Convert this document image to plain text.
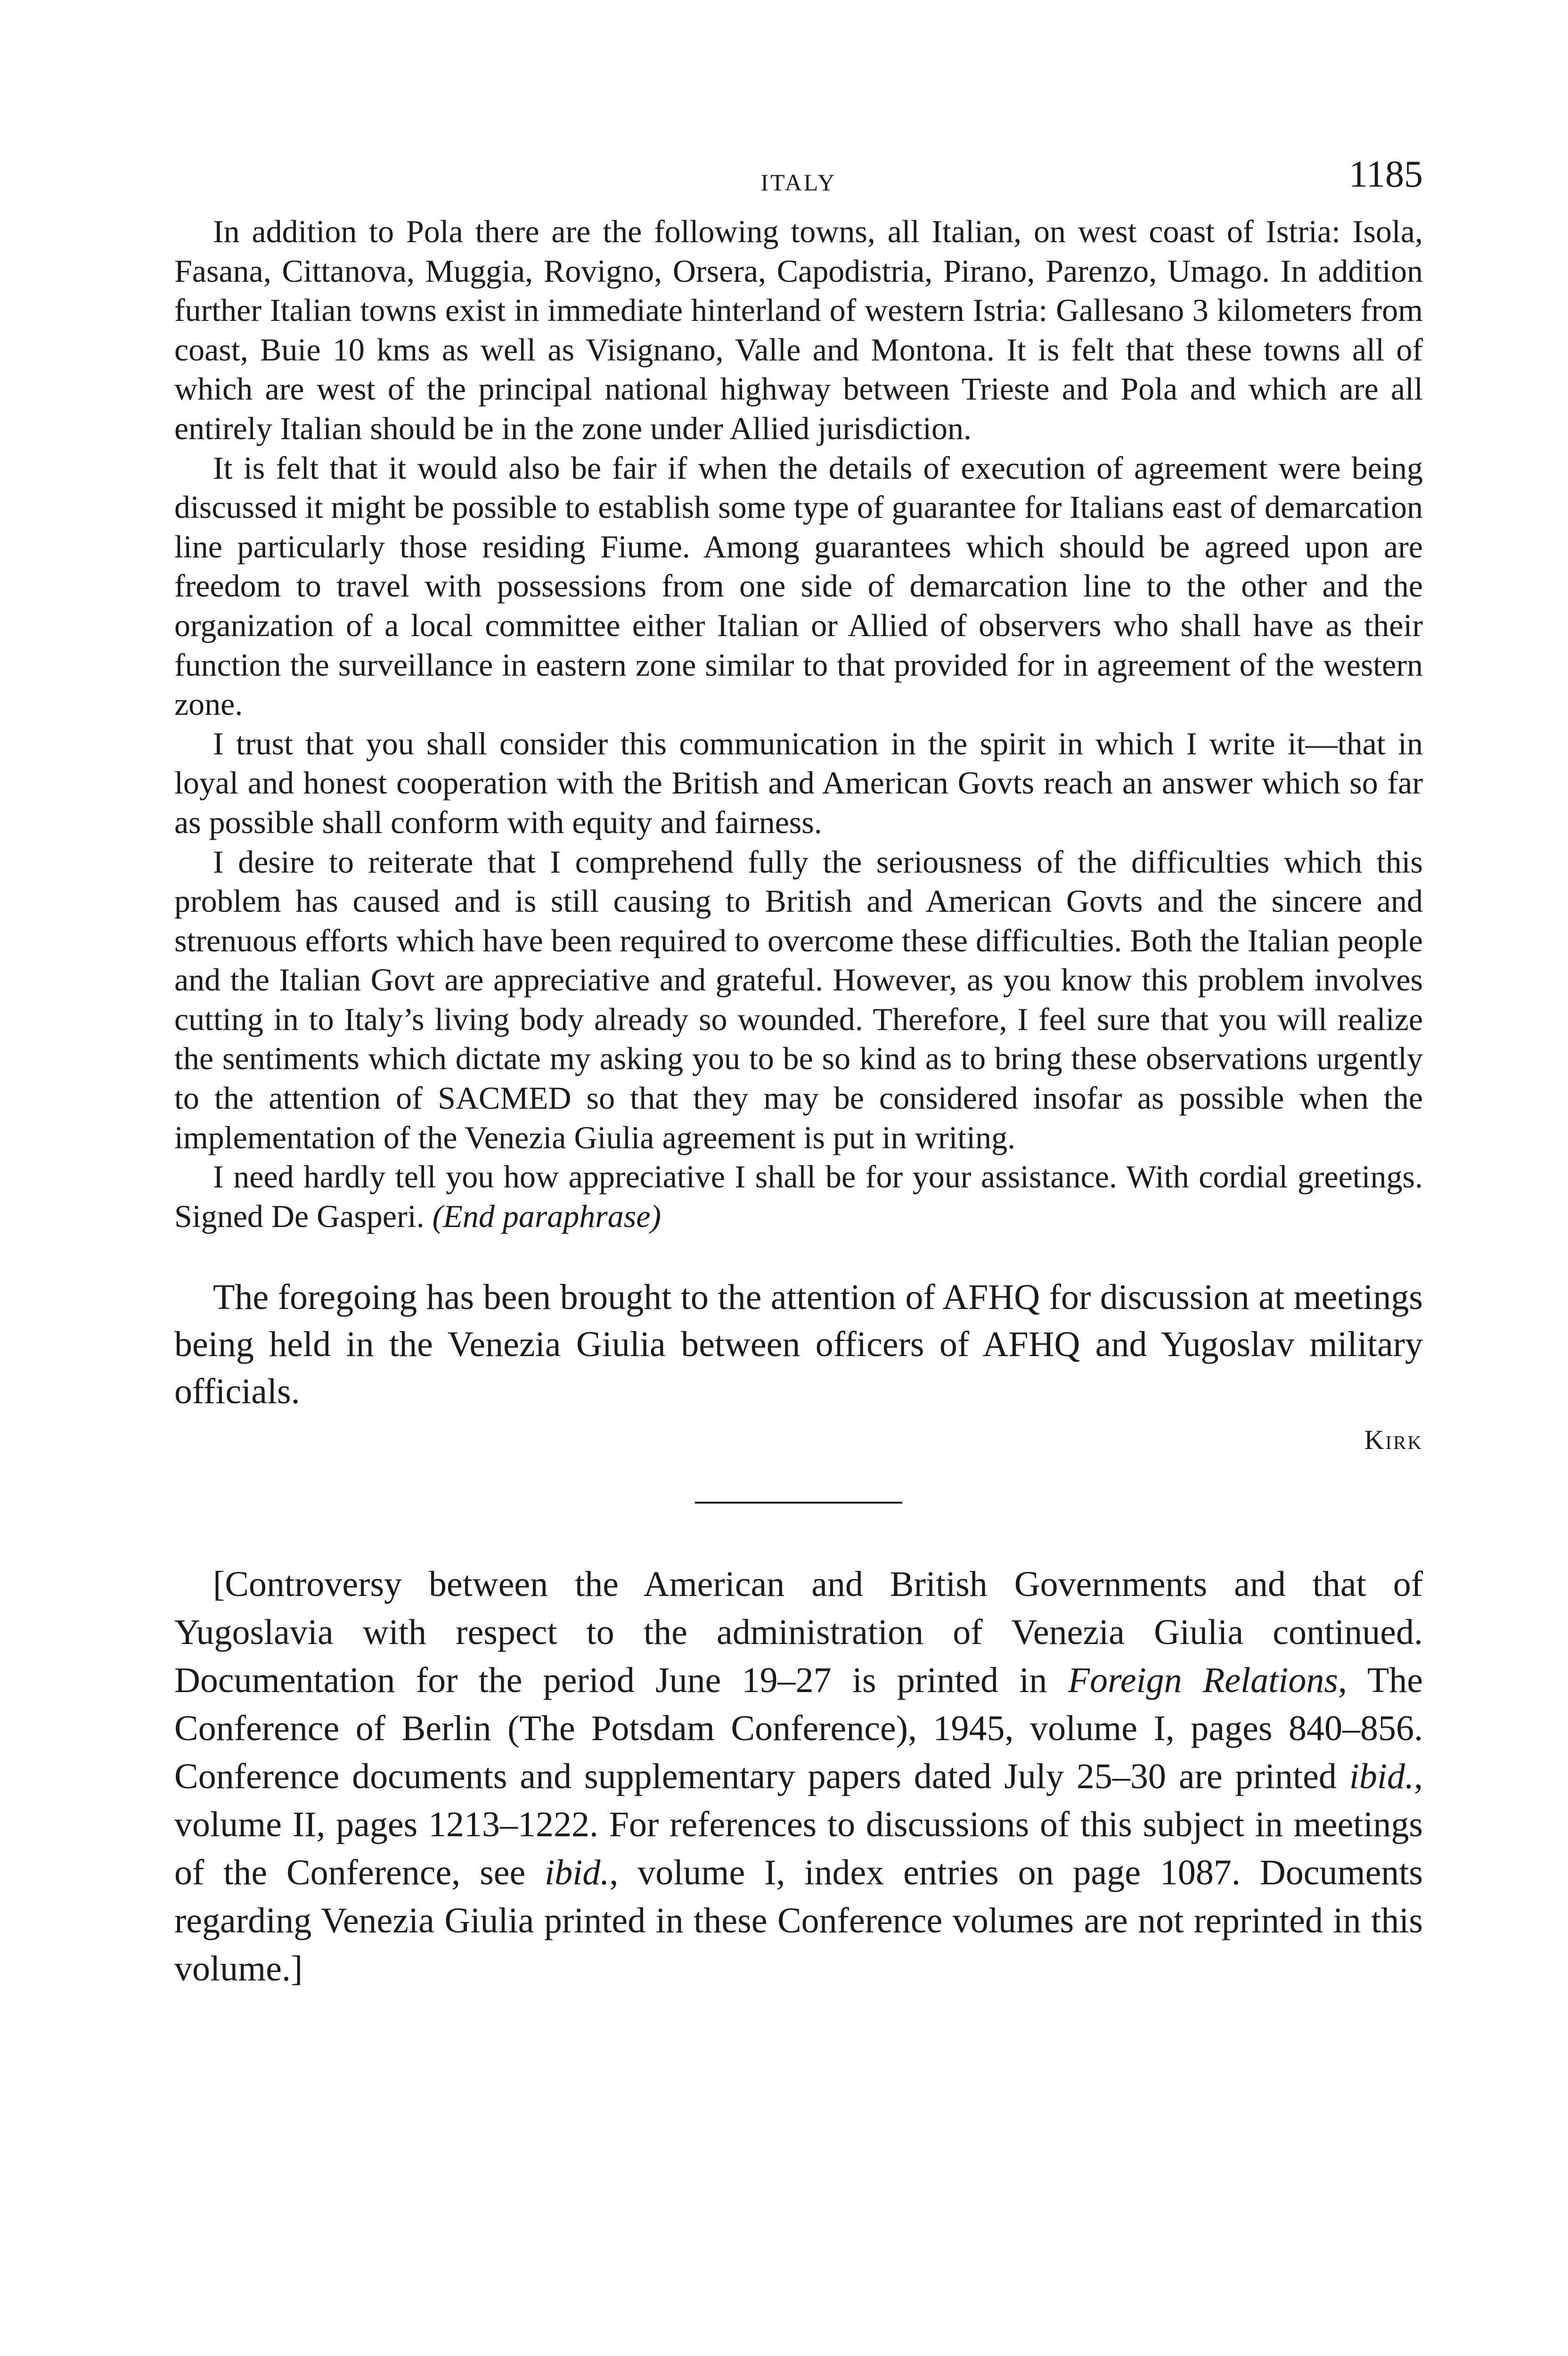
ITALY	1185

In addition to Pola there are the following towns, all Italian, on west coast of Istria: Isola, Fasana, Cittanova, Muggia, Rovigno, Orsera, Capodistria, Pirano, Parenzo, Umago. In addition further Italian towns exist in immediate hinterland of western Istria: Gallesano 3 kilometers from coast, Buie 10 kms as well as Visignano, Valle and Montona. It is felt that these towns all of which are west of the principal national highway between Trieste and Pola and which are all entirely Italian should be in the zone under Allied jurisdiction.

It is felt that it would also be fair if when the details of execution of agreement were being discussed it might be possible to establish some type of guarantee for Italians east of demarcation line particularly those residing Fiume. Among guarantees which should be agreed upon are freedom to travel with possessions from one side of demarcation line to the other and the organization of a local committee either Italian or Allied of observers who shall have as their function the surveillance in eastern zone similar to that provided for in agreement of the western zone.

I trust that you shall consider this communication in the spirit in which I write it—that in loyal and honest cooperation with the British and American Govts reach an answer which so far as possible shall conform with equity and fairness.

I desire to reiterate that I comprehend fully the seriousness of the difficulties which this problem has caused and is still causing to British and American Govts and the sincere and strenuous efforts which have been required to overcome these difficulties. Both the Italian people and the Italian Govt are appreciative and grateful. However, as you know this problem involves cutting in to Italy’s living body already so wounded. Therefore, I feel sure that you will realize the sentiments which dictate my asking you to be so kind as to bring these observations urgently to the attention of SACMED so that they may be considered insofar as possible when the implementation of the Venezia Giulia agreement is put in writing.

I need hardly tell you how appreciative I shall be for your assistance. With cordial greetings. Signed De Gasperi. (End paraphrase)

The foregoing has been brought to the attention of AFHQ for discussion at meetings being held in the Venezia Giulia between officers of AFHQ and Yugoslav military officials.

Kirk

[Controversy between the American and British Governments and that of Yugoslavia with respect to the administration of Venezia Giulia continued. Documentation for the period June 19–27 is printed in Foreign Relations, The Conference of Berlin (The Potsdam Conference), 1945, volume I, pages 840–856. Conference documents and supplementary papers dated July 25–30 are printed ibid., volume II, pages 1213–1222. For references to discussions of this subject in meetings of the Conference, see ibid., volume I, index entries on page 1087. Documents regarding Venezia Giulia printed in these Conference volumes are not reprinted in this volume.]
